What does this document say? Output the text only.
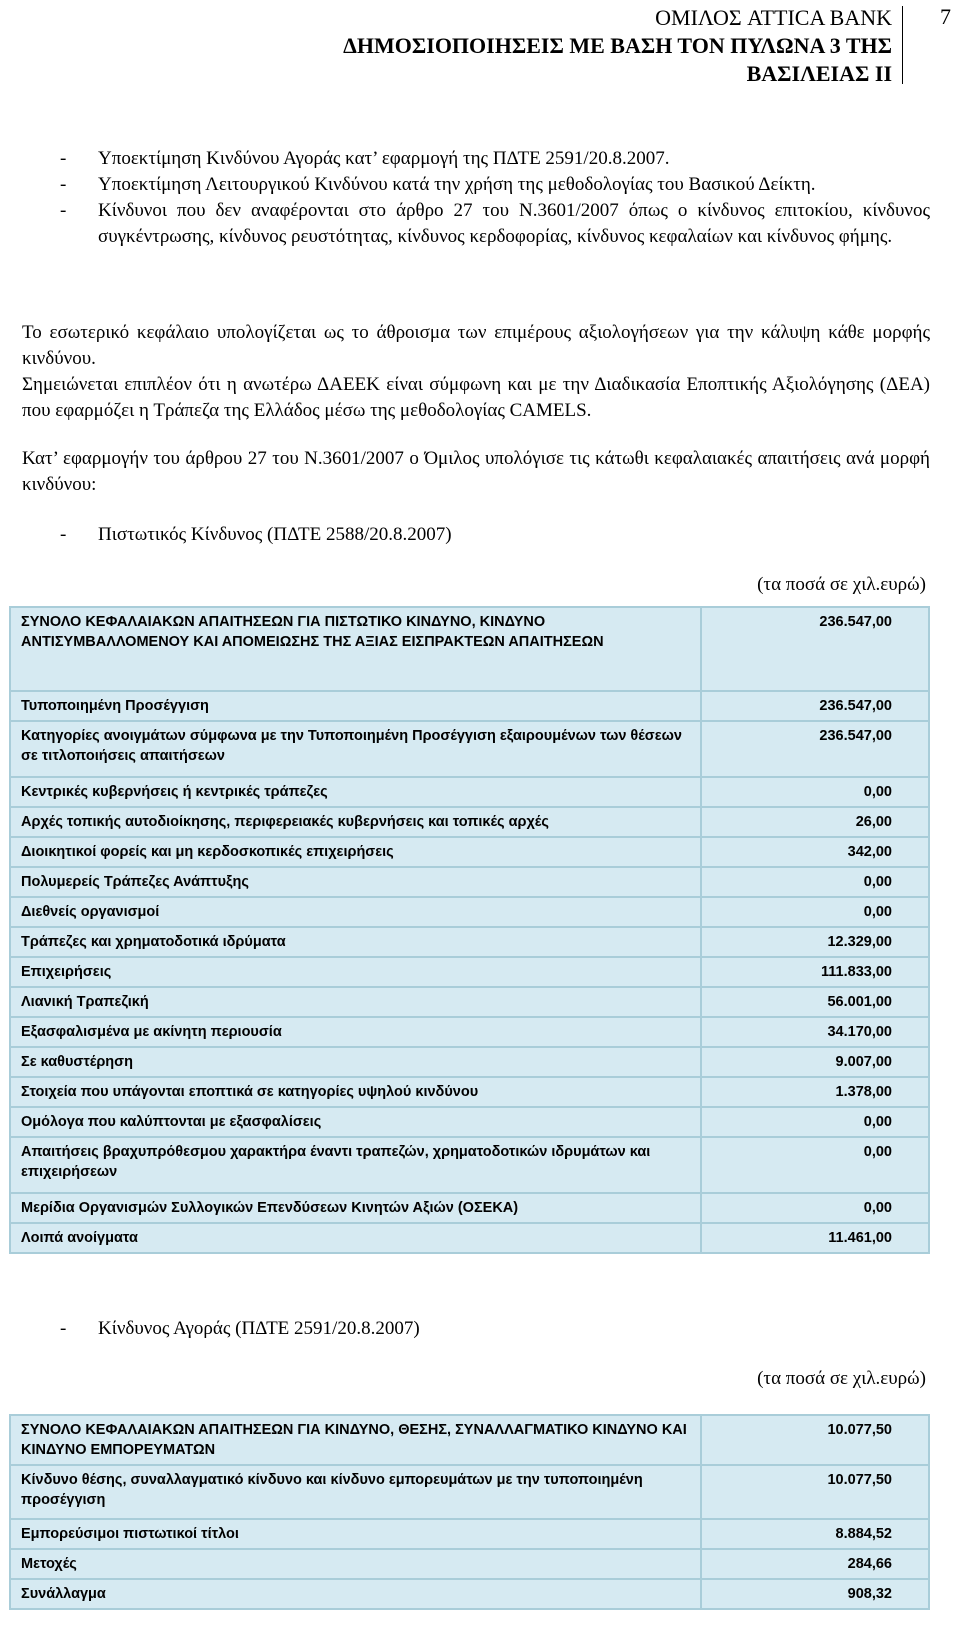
ΟΜΙΛΟΣ ATTICA BANK
ΔΗΜΟΣΙΟΠΟΙΗΣΕΙΣ ΜΕ ΒΑΣΗ ΤΟΝ ΠΥΛΩΝΑ 3 ΤΗΣ
ΒΑΣΙΛΕΙΑΣ ΙΙ
7
-	Υποεκτίμηση Κινδύνου Αγοράς κατ’ εφαρμογή της ΠΔΤΕ 2591/20.8.2007.
-	Υποεκτίμηση Λειτουργικού Κινδύνου κατά την χρήση της μεθοδολογίας του Βασικού Δείκτη.
-	Κίνδυνοι που δεν αναφέρονται στο άρθρο 27 του Ν.3601/2007 όπως ο κίνδυνος επιτοκίου, κίνδυνος συγκέντρωσης, κίνδυνος ρευστότητας, κίνδυνος κερδοφορίας, κίνδυνος κεφαλαίων και κίνδυνος φήμης.
Το εσωτερικό κεφάλαιο υπολογίζεται ως το άθροισμα των επιμέρους αξιολογήσεων για την κάλυψη κάθε μορφής κινδύνου.
Σημειώνεται επιπλέον ότι η ανωτέρω ΔΑΕΕΚ είναι σύμφωνη και με την Διαδικασία Εποπτικής Αξιολόγησης (ΔΕΑ) που εφαρμόζει η Τράπεζα της Ελλάδος μέσω της μεθοδολογίας CAMELS.
Κατ’ εφαρμογήν του άρθρου 27 του Ν.3601/2007 ο Όμιλος υπολόγισε τις κάτωθι κεφαλαιακές απαιτήσεις ανά μορφή κινδύνου:
-	Πιστωτικός Κίνδυνος (ΠΔΤΕ 2588/20.8.2007)
(τα ποσά σε χιλ.ευρώ)
ΣΥΝΟΛΟ ΚΕΦΑΛΑΙΑΚΩΝ ΑΠΑΙΤΗΣΕΩΝ ΓΙΑ ΠΙΣΤΩΤΙΚΟ ΚΙΝΔΥΝΟ, ΚΙΝΔΥΝΟ ΑΝΤΙΣΥΜΒΑΛΛΟΜΕΝΟΥ ΚΑΙ ΑΠΟΜΕΙΩΣΗΣ ΤΗΣ ΑΞΙΑΣ ΕΙΣΠΡΑΚΤΕΩΝ ΑΠΑΙΤΗΣΕΩΝ	236.547,00
Τυποποιημένη Προσέγγιση	236.547,00
Κατηγορίες ανοιγμάτων σύμφωνα με την Τυποποιημένη Προσέγγιση εξαιρουμένων των θέσεων σε τιτλοποιήσεις απαιτήσεων	236.547,00
Κεντρικές κυβερνήσεις ή κεντρικές τράπεζες	0,00
Αρχές τοπικής αυτοδιοίκησης, περιφερειακές κυβερνήσεις και τοπικές αρχές	26,00
Διοικητικοί φορείς και μη κερδοσκοπικές επιχειρήσεις	342,00
Πολυμερείς Τράπεζες Ανάπτυξης	0,00
Διεθνείς οργανισμοί	0,00
Τράπεζες και χρηματοδοτικά ιδρύματα	12.329,00
Επιχειρήσεις	111.833,00
Λιανική Τραπεζική	56.001,00
Εξασφαλισμένα με ακίνητη περιουσία	34.170,00
Σε καθυστέρηση	9.007,00
Στοιχεία που υπάγονται εποπτικά σε κατηγορίες υψηλού κινδύνου	1.378,00
Ομόλογα που καλύπτονται με εξασφαλίσεις	0,00
Απαιτήσεις βραχυπρόθεσμου χαρακτήρα έναντι τραπεζών, χρηματοδοτικών ιδρυμάτων και επιχειρήσεων	0,00
Μερίδια Οργανισμών Συλλογικών Επενδύσεων Κινητών Αξιών (ΟΣΕΚΑ)	0,00
Λοιπά ανοίγματα	11.461,00
-	Κίνδυνος Αγοράς (ΠΔΤΕ 2591/20.8.2007)
(τα ποσά σε χιλ.ευρώ)
ΣΥΝΟΛΟ ΚΕΦΑΛΑΙΑΚΩΝ ΑΠΑΙΤΗΣΕΩΝ ΓΙΑ ΚΙΝΔΥΝΟ, ΘΕΣΗΣ, ΣΥΝΑΛΛΑΓΜΑΤΙΚΟ ΚΙΝΔΥΝΟ ΚΑΙ ΚΙΝΔΥΝΟ ΕΜΠΟΡΕΥΜΑΤΩΝ	10.077,50
Κίνδυνο θέσης, συναλλαγματικό κίνδυνο και κίνδυνο εμπορευμάτων με την τυποποιημένη προσέγγιση	10.077,50
Εμπορεύσιμοι πιστωτικοί τίτλοι	8.884,52
Μετοχές	284,66
Συνάλλαγμα	908,32
